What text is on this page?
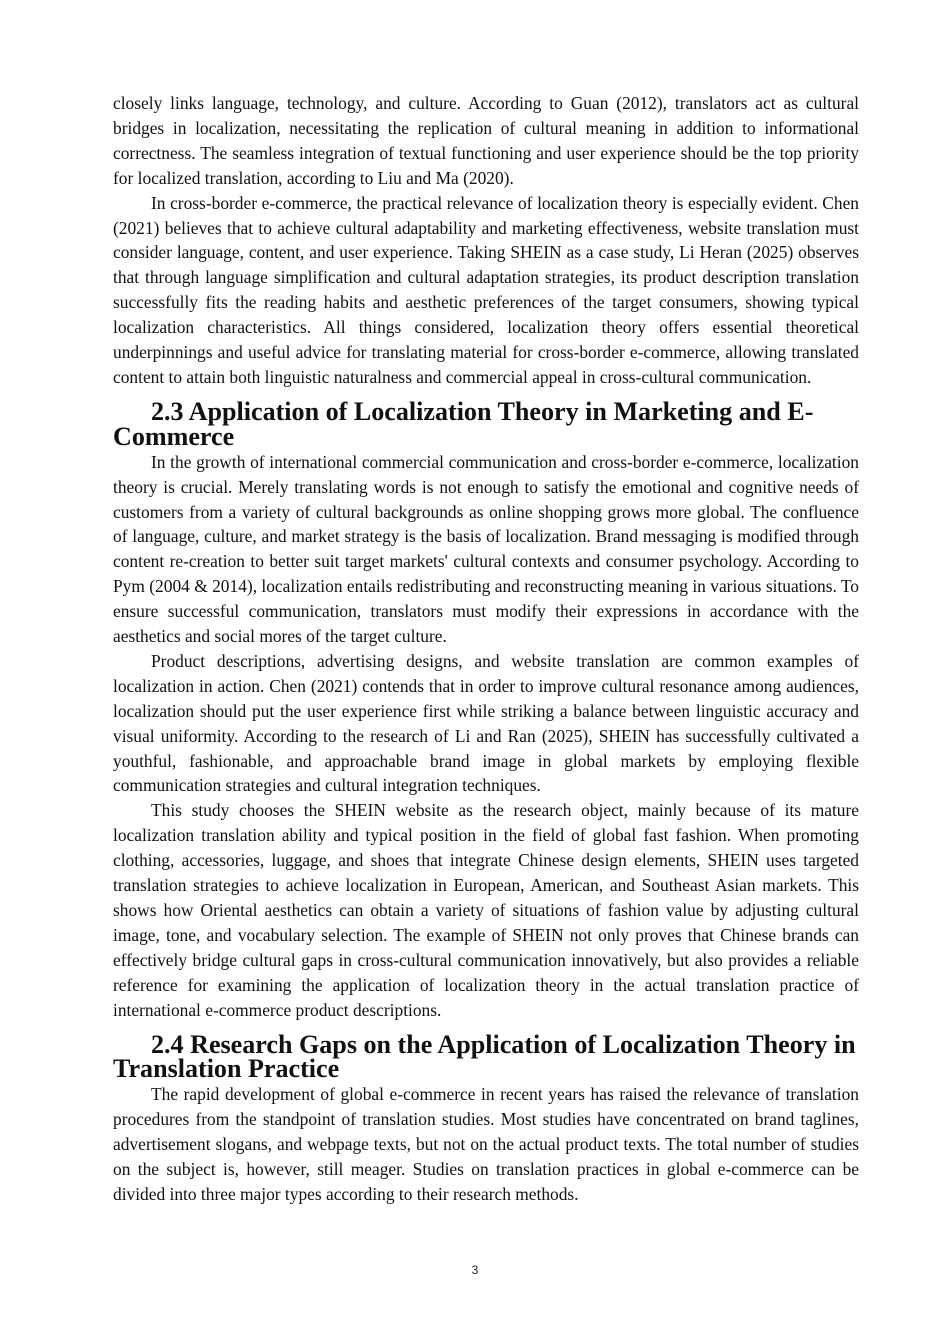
closely links language, technology, and culture. According to Guan (2012), translators act as cultural bridges in localization, necessitating the replication of cultural meaning in addition to informational correctness. The seamless integration of textual functioning and user experience should be the top priority for localized translation, according to Liu and Ma (2020).

In cross-border e-commerce, the practical relevance of localization theory is especially evident. Chen (2021) believes that to achieve cultural adaptability and marketing effectiveness, website translation must consider language, content, and user experience. Taking SHEIN as a case study, Li Heran (2025) observes that through language simplification and cultural adaptation strategies, its product description translation successfully fits the reading habits and aesthetic preferences of the target consumers, showing typical localization characteristics. All things considered, localization theory offers essential theoretical underpinnings and useful advice for translating material for cross-border e-commerce, allowing translated content to attain both linguistic naturalness and commercial appeal in cross-cultural communication.

2.3 Application of Localization Theory in Marketing and E-Commerce

In the growth of international commercial communication and cross-border e-commerce, localization theory is crucial. Merely translating words is not enough to satisfy the emotional and cognitive needs of customers from a variety of cultural backgrounds as online shopping grows more global. The confluence of language, culture, and market strategy is the basis of localization. Brand messaging is modified through content re-creation to better suit target markets' cultural contexts and consumer psychology. According to Pym (2004 & 2014), localization entails redistributing and reconstructing meaning in various situations. To ensure successful communication, translators must modify their expressions in accordance with the aesthetics and social mores of the target culture.

Product descriptions, advertising designs, and website translation are common examples of localization in action. Chen (2021) contends that in order to improve cultural resonance among audiences, localization should put the user experience first while striking a balance between linguistic accuracy and visual uniformity. According to the research of Li and Ran (2025), SHEIN has successfully cultivated a youthful, fashionable, and approachable brand image in global markets by employing flexible communication strategies and cultural integration techniques.

This study chooses the SHEIN website as the research object, mainly because of its mature localization translation ability and typical position in the field of global fast fashion. When promoting clothing, accessories, luggage, and shoes that integrate Chinese design elements, SHEIN uses targeted translation strategies to achieve localization in European, American, and Southeast Asian markets. This shows how Oriental aesthetics can obtain a variety of situations of fashion value by adjusting cultural image, tone, and vocabulary selection. The example of SHEIN not only proves that Chinese brands can effectively bridge cultural gaps in cross-cultural communication innovatively, but also provides a reliable reference for examining the application of localization theory in the actual translation practice of international e-commerce product descriptions.

2.4 Research Gaps on the Application of Localization Theory in Translation Practice

The rapid development of global e-commerce in recent years has raised the relevance of translation procedures from the standpoint of translation studies. Most studies have concentrated on brand taglines, advertisement slogans, and webpage texts, but not on the actual product texts. The total number of studies on the subject is, however, still meager. Studies on translation practices in global e-commerce can be divided into three major types according to their research methods.

3
